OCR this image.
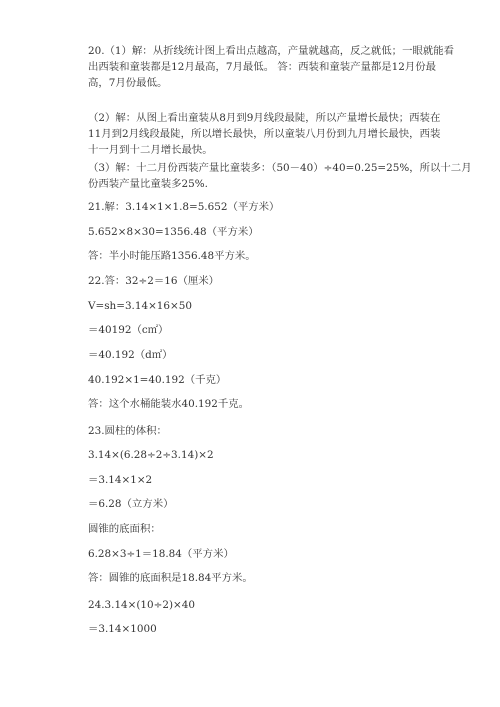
20.（1）解：从折线统计图上看出点越高，产量就越高，反之就低；一眼就能看

出西装和童装都是12月最高，7月最低。 答：西装和童装产量都是12月份最

高，7月份最低。

（2）解：从图上看出童装从8月到9月线段最陡，所以产量增长最快；西装在

11月到2月线段最陡，所以增长最快，所以童装八月份到九月增长最快，西装

十一月到十二月增长最快。

（3）解：十二月份西装产量比童装多：（50－40）÷40=0.25=25%，所以十二月

份西装产量比童装多25%.

21.解：3.14×1×1.8=5.652（平方米）

5.652×8×30=1356.48（平方米）

答：半小时能压路1356.48平方米。

22.答：32÷2＝16（厘米）

V=sh=3.14×16×50

＝40192（c㎡）

＝40.192（d㎡）

40.192×1=40.192（千克）

答：这个水桶能装水40.192千克。

23.圆柱的体积：

3.14×(6.28÷2÷3.14)×2

＝3.14×1×2

＝6.28（立方米）

圆锥的底面积：

6.28×3÷1＝18.84（平方米）

答：圆锥的底面积是18.84平方米。

24.3.14×(10÷2)×40

＝3.14×1000
